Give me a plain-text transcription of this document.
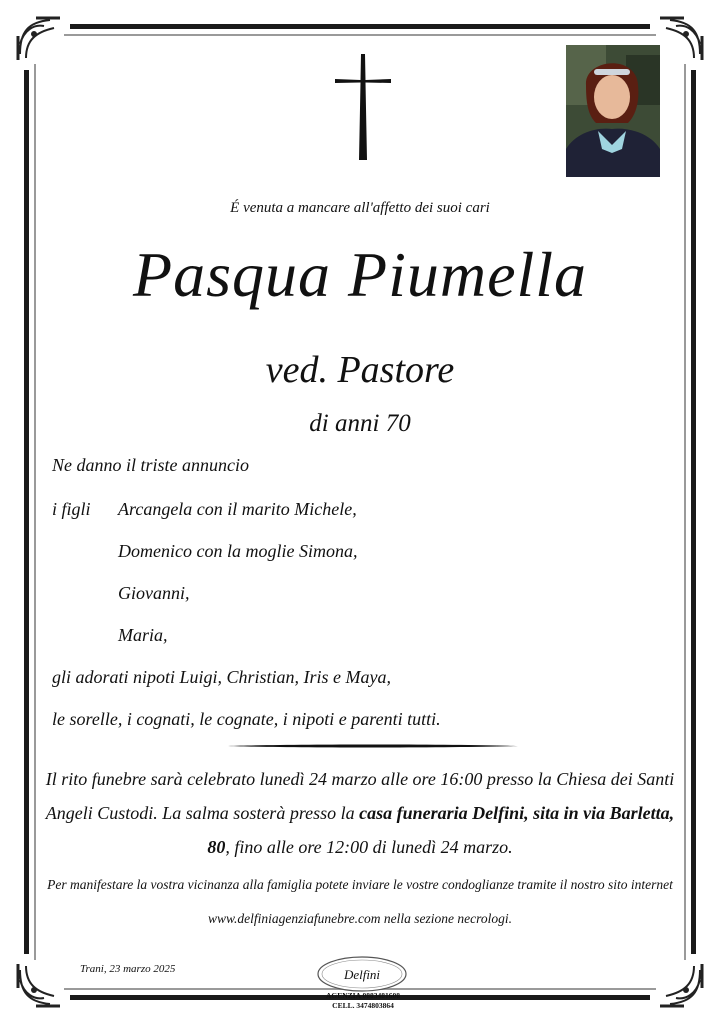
É venuta a mancare all'affetto dei suoi cari
Pasqua Piumella
ved. Pastore
di anni 70
Ne danno il triste annuncio
i figli Arcangela con il marito Michele,
Domenico con la moglie Simona,
Giovanni,
Maria,
gli adorati nipoti Luigi, Christian, Iris e Maya,
le sorelle, i cognati, le cognate, i nipoti e parenti tutti.
Il rito funebre sarà celebrato lunedì 24 marzo alle ore 16:00 presso la Chiesa dei Santi Angeli Custodi. La salma sosterà presso la casa funeraria Delfini, sita in via Barletta, 80, fino alle ore 12:00 di lunedì 24 marzo.
Per manifestare la vostra vicinanza alla famiglia potete inviare le vostre condoglianze tramite il nostro sito internet www.delfiniagenziafunebre.com nella sezione necrologi.
Trani, 23 marzo 2025	Delfini
AGENZIA 0883481608
CELL. 3474803864
